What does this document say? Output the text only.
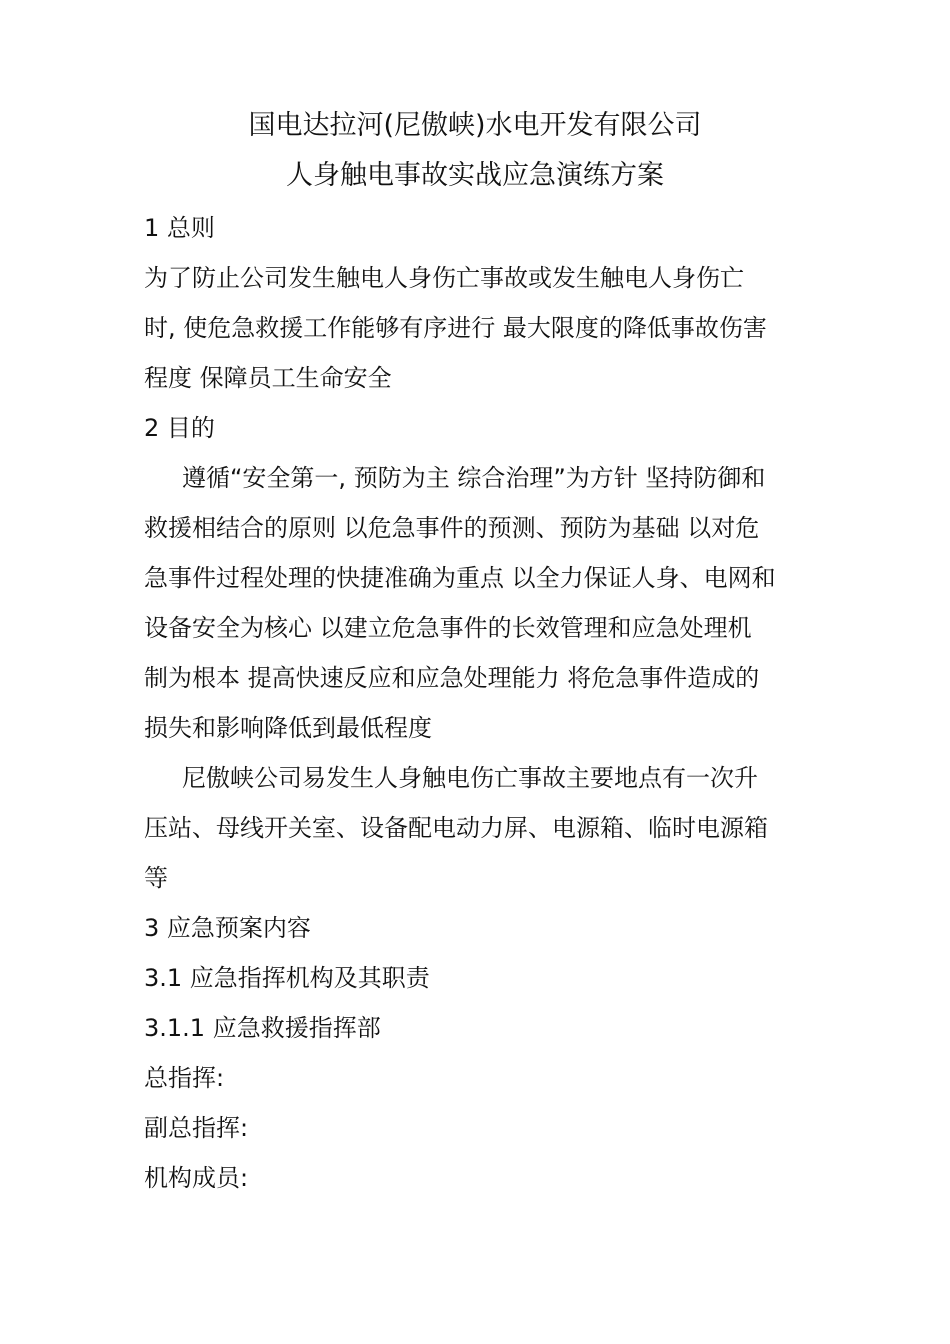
国电达拉河(尼傲峡)水电开发有限公司
人身触电事故实战应急演练方案
1 总则
为了防止公司发生触电人身伤亡事故或发生触电人身伤亡
时, 使危急救援工作能够有序进行 最大限度的降低事故伤害
程度 保障员工生命安全
2 目的
遵循“安全第一, 预防为主 综合治理”为方针 坚持防御和
救援相结合的原则 以危急事件的预测、预防为基础 以对危
急事件过程处理的快捷准确为重点 以全力保证人身、电网和
设备安全为核心 以建立危急事件的长效管理和应急处理机
制为根本 提高快速反应和应急处理能力 将危急事件造成的
损失和影响降低到最低程度
尼傲峡公司易发生人身触电伤亡事故主要地点有一次升
压站、母线开关室、设备配电动力屏、电源箱、临时电源箱
等
3 应急预案内容
3.1 应急指挥机构及其职责
3.1.1 应急救援指挥部
总指挥:
副总指挥:
机构成员:
